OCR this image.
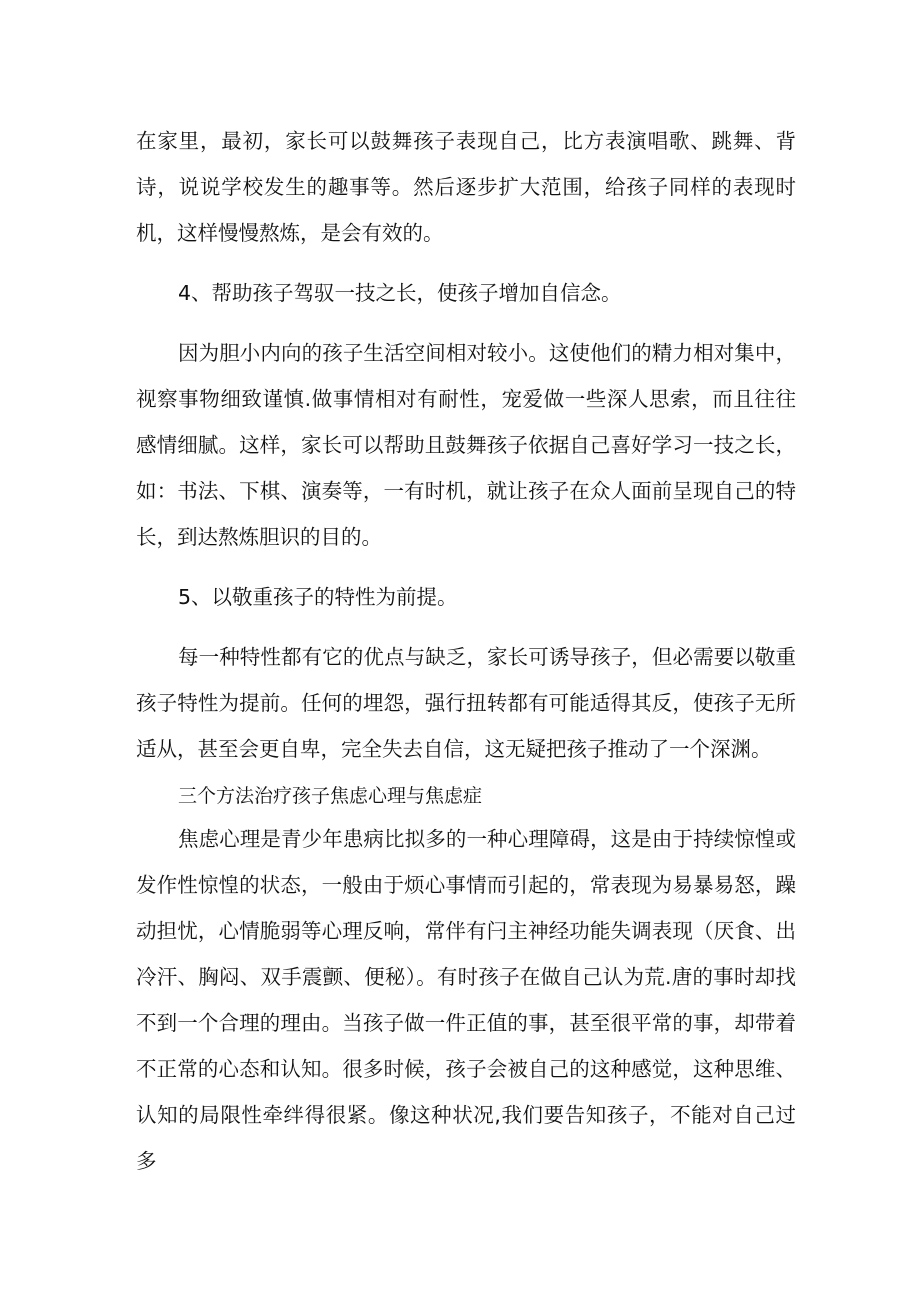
在家里，最初，家长可以鼓舞孩子表现自己，比方表演唱歌、跳舞、背诗，说说学校发生的趣事等。然后逐步扩大范围，给孩子同样的表现时机，这样慢慢熬炼，是会有效的。

4、帮助孩子驾驭一技之长，使孩子增加自信念。

因为胆小内向的孩子生活空间相对较小。这使他们的精力相对集中，视察事物细致谨慎.做事情相对有耐性，宠爱做一些深人思索，而且往往感情细腻。这样，家长可以帮助且鼓舞孩子依据自己喜好学习一技之长，如：书法、下棋、演奏等，一有时机，就让孩子在众人面前呈现自己的特长，到达熬炼胆识的目的。

5、以敬重孩子的特性为前提。

每一种特性都有它的优点与缺乏，家长可诱导孩子，但必需要以敬重孩子特性为提前。任何的埋怨，强行扭转都有可能适得其反，使孩子无所适从，甚至会更自卑，完全失去自信，这无疑把孩子推动了一个深渊。

三个方法治疗孩子焦虑心理与焦虑症

焦虑心理是青少年患病比拟多的一种心理障碍，这是由于持续惊惶或发作性惊惶的状态，一般由于烦心事情而引起的，常表现为易暴易怒，躁动担忧，心情脆弱等心理反响，常伴有闩主神经功能失调表现（厌食、出冷汗、胸闷、双手震颤、便秘）。有时孩子在做自己认为荒.唐的事时却找不到一个合理的理由。当孩子做一件正值的事，甚至很平常的事，却带着不正常的心态和认知。很多时候，孩子会被自己的这种感觉，这种思维、认知的局限性牵绊得很紧。像这种状况,我们要告知孩子，不能对自己过多
